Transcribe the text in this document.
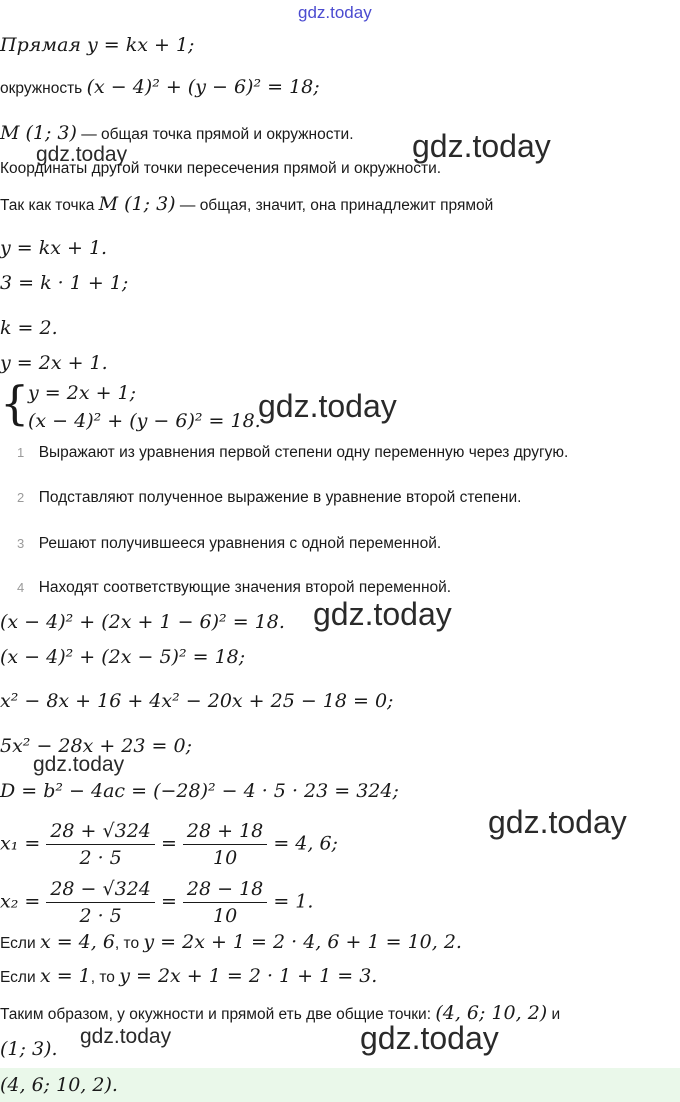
gdz.today
gdz.today
gdz.today
gdz.today
gdz.today
gdz.today
gdz.today
gdz.today	gdz.today
Прямая y = kx + 1;
окружность (x − 4)² + (y − 6)² = 18;
M (1; 3) — общая точка прямой и окружности.
Координаты другой точки пересечения прямой и окружности.
Так как точка M (1; 3) — общая, значит, она принадлежит прямой
y = kx + 1.
3 = k · 1 + 1;
k = 2.
y = 2x + 1.
{
y = 2x + 1;
(x − 4)² + (y − 6)² = 18.
1 Выражают из уравнения первой степени одну переменную через другую.
2 Подставляют полученное выражение в уравнение второй степени.
3 Решают получившееся уравнения с одной переменной.
4 Находят соответствующие значения второй переменной.
(x − 4)² + (2x + 1 − 6)² = 18.
(x − 4)² + (2x − 5)² = 18;
x² − 8x + 16 + 4x² − 20x + 25 − 18 = 0;
5x² − 28x + 23 = 0;
D = b² − 4ac = (−28)² − 4 · 5 · 23 = 324;
$x_1 = \frac{28 + √324}{2 \cdot 5} = \frac{28 + 18}{10} = 4$, 6;
$x_2 = \frac{28 - √324}{2 \cdot 5} = \frac{28 - 18}{10} = 1$.
Если x = 4, 6, то y = 2x + 1 = 2 · 4, 6 + 1 = 10, 2.
Если x = 1, то y = 2x + 1 = 2 · 1 + 1 = 3.
Таким образом, у окужности и прямой еть две общие точки: (4, 6; 10, 2) и
(1; 3).
(4, 6; 10, 2).
